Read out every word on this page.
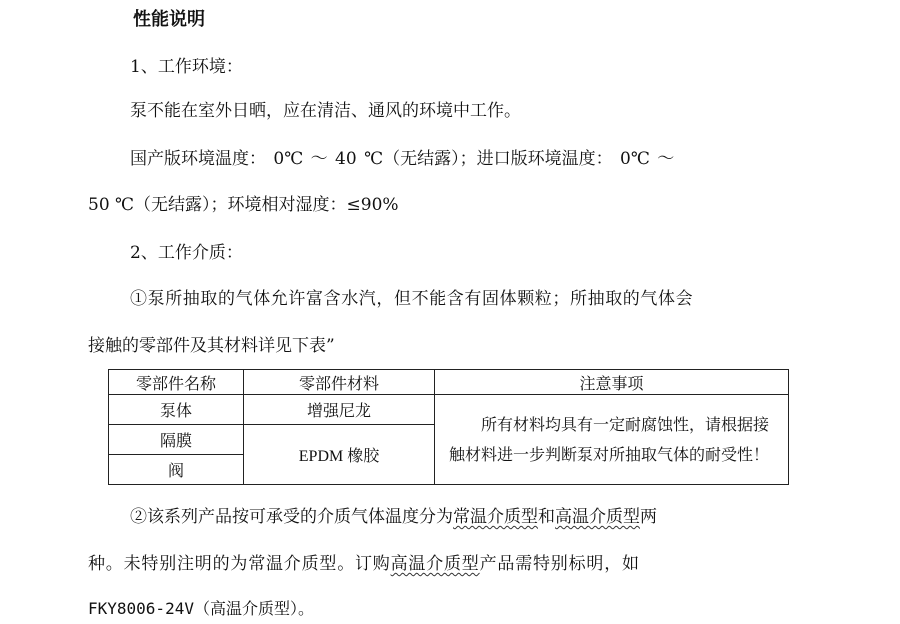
性能说明
1、工作环境：
泵不能在室外日晒，应在清洁、通风的环境中工作。
国产版环境温度： 0℃ ～ 40 ℃（无结露）；进口版环境温度： 0℃ ～
50 ℃（无结露）；环境相对湿度：≤90%
2、工作介质：
①泵所抽取的气体允许富含水汽，但不能含有固体颗粒；所抽取的气体会
接触的零部件及其材料详见下表”
零部件名称	零部件材料	注意事项
泵体	增强尼龙	所有材料均具有一定耐腐蚀性，请根据接触材料进一步判断泵对所抽取气体的耐受性！

隔膜	EPDM 橡胶	
阀		
②该系列产品按可承受的介质气体温度分为常温介质型和高温介质型两
种。未特别注明的为常温介质型。订购高温介质型产品需特别标明，如
FKY8006-24V（高温介质型）。
